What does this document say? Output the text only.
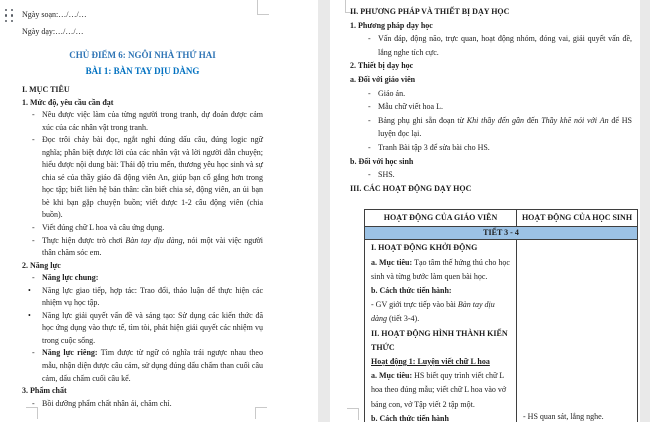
Ngày soạn:…/…/…
Ngày dạy:…/…/…
CHỦ ĐIỂM 6: NGÔI NHÀ THỨ HAI
BÀI 1: BÀN TAY DỊU DÀNG
I. MỤC TIÊU
1. Mức độ, yêu cầu cần đạt
- Nêu được việc làm của từng người trong tranh, dự đoán được cảm xúc của các nhân vật trong tranh.
- Đọc trôi chảy bài đọc, ngắt nghỉ đúng dấu câu, đúng logic ngữ nghĩa; phân biệt được lời của các nhân vật và lời người dẫn chuyện; hiểu được nội dung bài: Thái độ trìu mến, thương yêu học sinh và sự chia sẻ của thầy giáo đã động viên An, giúp bạn cố gắng hơn trong học tập; biết liên hệ bản thân: cần biết chia sẻ, động viên, an ủi bạn bè khi bạn gặp chuyện buồn; viết được 1-2 câu động viên (chia buồn).
- Viết đúng chữ L hoa và câu ứng dụng.
- Thực hiện được trò chơi Bàn tay dịu dàng, nói một vài việc người thân chăm sóc em.
2. Năng lực
- Năng lực chung:
•	Năng lực giao tiếp, hợp tác: Trao đổi, thảo luận để thực hiện các nhiệm vụ học tập.
•	Năng lực giải quyết vấn đề và sáng tạo: Sử dụng các kiến thức đã học ứng dụng vào thực tế, tìm tòi, phát hiện giải quyết các nhiệm vụ trong cuộc sống.
- Năng lực riêng: Tìm được từ ngữ có nghĩa trái ngược nhau theo mẫu, nhận diện được câu cảm, sử dụng đúng dấu chấm than cuối câu cảm, dấu chấm cuối câu kể.
3. Phẩm chất
- Bồi dưỡng phẩm chất nhân ái, chăm chỉ.
II. PHƯƠNG PHÁP VÀ THIẾT BỊ DẠY HỌC
1. Phương pháp dạy học
- Vấn đáp, động não, trực quan, hoạt động nhóm, đóng vai, giải quyết vấn đề, lắng nghe tích cực.
2. Thiết bị dạy học
a. Đối với giáo viên
- Giáo án.
- Mẫu chữ viết hoa L.
- Bảng phụ ghi sẵn đoạn từ Khi thầy đến gần đến Thầy khẽ nói với An để HS luyện đọc lại.
- Tranh Bài tập 3 để sửa bài cho HS.
b. Đối với học sinh
- SHS.
III. CÁC HOẠT ĐỘNG DẠY HỌC
HOẠT ĐỘNG CỦA GIÁO VIÊN	HOẠT ĐỘNG CỦA HỌC SINH
TIẾT 3 - 4	

I. HOẠT ĐỘNG KHỞI ĐỘNG
a. Mục tiêu: Tạo tâm thế hứng thú cho học sinh và từng bước làm quen bài học.
b. Cách thức tiến hành:
- GV giới trực tiếp vào bài Bàn tay dịu dàng (tiết 3-4).
II. HOẠT ĐỘNG HÌNH THÀNH KIẾN THỨC
Hoạt động 1: Luyện viết chữ L hoa
a. Mục tiêu: HS biết quy trình viết chữ L hoa theo đúng mẫu; viết chữ L hoa vào vở bảng con, vở Tập viết 2 tập một.
b. Cách thức tiến hành	- HS quan sát, lắng nghe.
